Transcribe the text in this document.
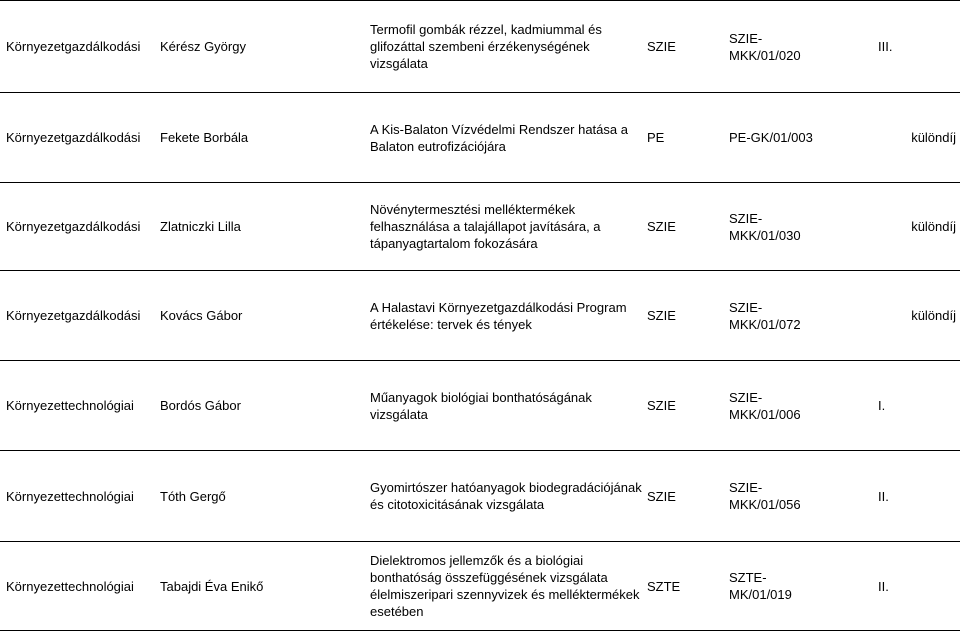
Környezetgazdálkodási	Kérész György	Termofil gombák rézzel, kadmiummal és glifozáttal szembeni érzékenységének vizsgálata	SZIE	SZIE-MKK/01/020	III.
Környezetgazdálkodási	Fekete Borbála	A Kis-Balaton Vízvédelmi Rendszer hatása a Balaton eutrofizációjára	PE	PE-GK/01/003	különdíj
Környezetgazdálkodási	Zlatniczki Lilla	Növénytermesztési melléktermékek felhasználása a talajállapot javítására, a tápanyagtartalom fokozására	SZIE	SZIE-MKK/01/030	különdíj
Környezetgazdálkodási	Kovács Gábor	A Halastavi Környezetgazdálkodási Program értékelése: tervek és tények	SZIE	SZIE-MKK/01/072	különdíj
Környezettechnológiai	Bordós Gábor	Műanyagok biológiai bonthatóságának vizsgálata	SZIE	SZIE-MKK/01/006	I.
Környezettechnológiai	Tóth Gergő	Gyomirtószer hatóanyagok biodegradációjának és citotoxicitásának vizsgálata	SZIE	SZIE-MKK/01/056	II.
Környezettechnológiai	Tabajdi Éva Enikő	Dielektromos jellemzők és a biológiai bonthatóság összefüggésének vizsgálata élelmiszeripari szennyvizek és melléktermékek esetében	SZTE	SZTE-MK/01/019	II.
